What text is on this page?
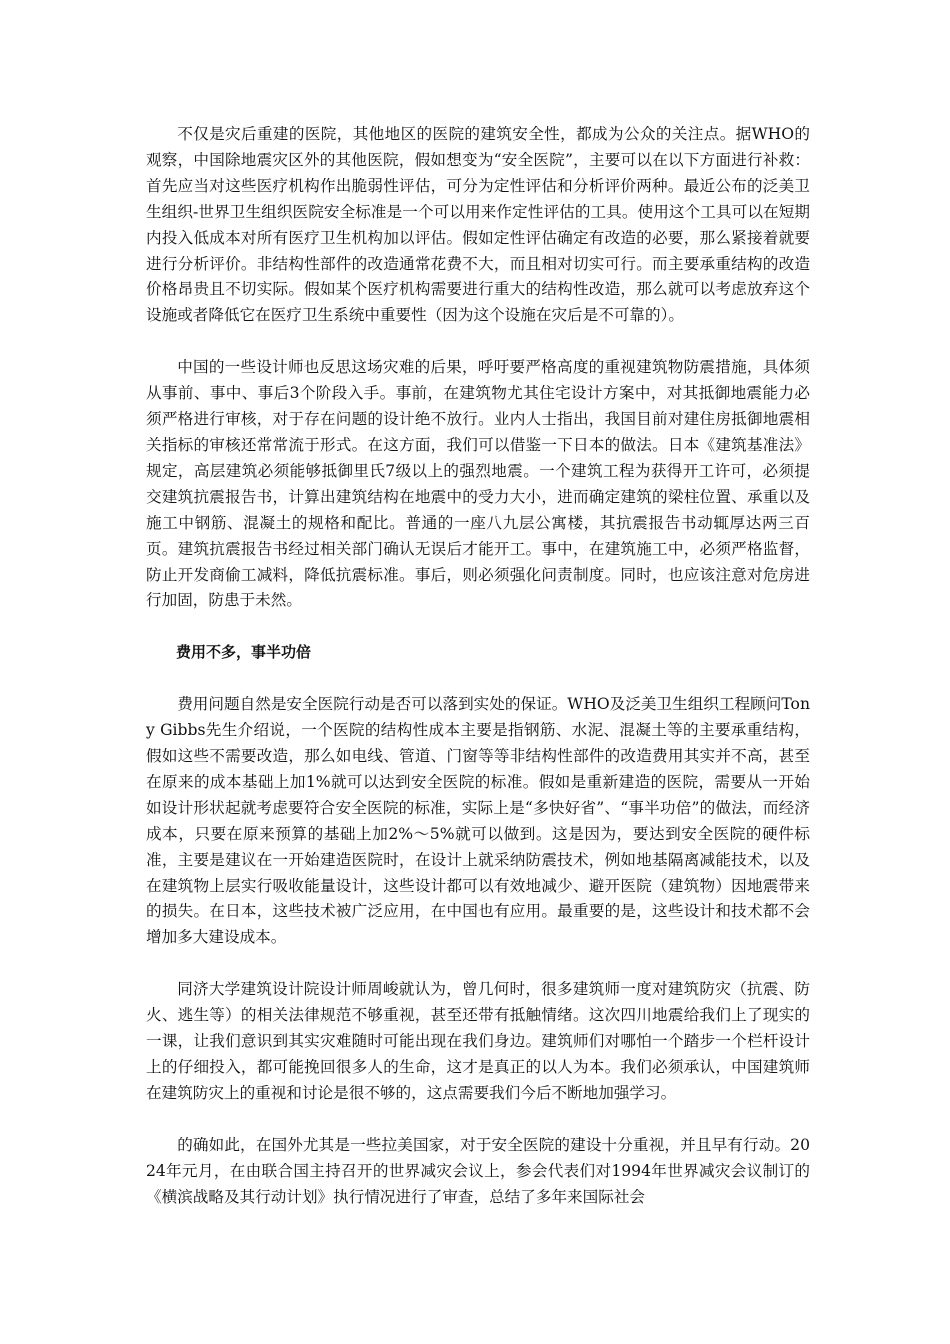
不仅是灾后重建的医院，其他地区的医院的建筑安全性，都成为公众的关注点。据WHO的观察，中国除地震灾区外的其他医院，假如想变为“安全医院”，主要可以在以下方面进行补救：首先应当对这些医疗机构作出脆弱性评估，可分为定性评估和分析评价两种。最近公布的泛美卫生组织-世界卫生组织医院安全标准是一个可以用来作定性评估的工具。使用这个工具可以在短期内投入低成本对所有医疗卫生机构加以评估。假如定性评估确定有改造的必要，那么紧接着就要进行分析评价。非结构性部件的改造通常花费不大，而且相对切实可行。而主要承重结构的改造价格昂贵且不切实际。假如某个医疗机构需要进行重大的结构性改造，那么就可以考虑放弃这个设施或者降低它在医疗卫生系统中重要性（因为这个设施在灾后是不可靠的）。

中国的一些设计师也反思这场灾难的后果，呼吁要严格高度的重视建筑物防震措施，具体须从事前、事中、事后3个阶段入手。事前，在建筑物尤其住宅设计方案中，对其抵御地震能力必须严格进行审核，对于存在问题的设计绝不放行。业内人士指出，我国目前对建住房抵御地震相关指标的审核还常常流于形式。在这方面，我们可以借鉴一下日本的做法。日本《建筑基准法》规定，高层建筑必须能够抵御里氏7级以上的强烈地震。一个建筑工程为获得开工许可，必须提交建筑抗震报告书，计算出建筑结构在地震中的受力大小，进而确定建筑的梁柱位置、承重以及施工中钢筋、混凝土的规格和配比。普通的一座八九层公寓楼，其抗震报告书动辄厚达两三百页。建筑抗震报告书经过相关部门确认无误后才能开工。事中，在建筑施工中，必须严格监督，防止开发商偷工减料，降低抗震标准。事后，则必须强化问责制度。同时，也应该注意对危房进行加固，防患于未然。

费用不多，事半功倍

费用问题自然是安全医院行动是否可以落到实处的保证。WHO及泛美卫生组织工程顾问Tony Gibbs先生介绍说，一个医院的结构性成本主要是指钢筋、水泥、混凝土等的主要承重结构，假如这些不需要改造，那么如电线、管道、门窗等等非结构性部件的改造费用其实并不高，甚至在原来的成本基础上加1%就可以达到安全医院的标准。假如是重新建造的医院，需要从一开始如设计形状起就考虑要符合安全医院的标准，实际上是“多快好省”、“事半功倍”的做法，而经济成本，只要在原来预算的基础上加2%～5%就可以做到。这是因为，要达到安全医院的硬件标准，主要是建议在一开始建造医院时，在设计上就采纳防震技术，例如地基隔离减能技术，以及在建筑物上层实行吸收能量设计，这些设计都可以有效地减少、避开医院（建筑物）因地震带来的损失。在日本，这些技术被广泛应用，在中国也有应用。最重要的是，这些设计和技术都不会增加多大建设成本。

同济大学建筑设计院设计师周峻就认为，曾几何时，很多建筑师一度对建筑防灾（抗震、防火、逃生等）的相关法律规范不够重视，甚至还带有抵触情绪。这次四川地震给我们上了现实的一课，让我们意识到其实灾难随时可能出现在我们身边。建筑师们对哪怕一个踏步一个栏杆设计上的仔细投入，都可能挽回很多人的生命，这才是真正的以人为本。我们必须承认，中国建筑师在建筑防灾上的重视和讨论是很不够的，这点需要我们今后不断地加强学习。

的确如此，在国外尤其是一些拉美国家，对于安全医院的建设十分重视，并且早有行动。2024年元月，在由联合国主持召开的世界减灾会议上，参会代表们对1994年世界减灾会议制订的《横滨战略及其行动计划》执行情况进行了审查，总结了多年来国际社会
